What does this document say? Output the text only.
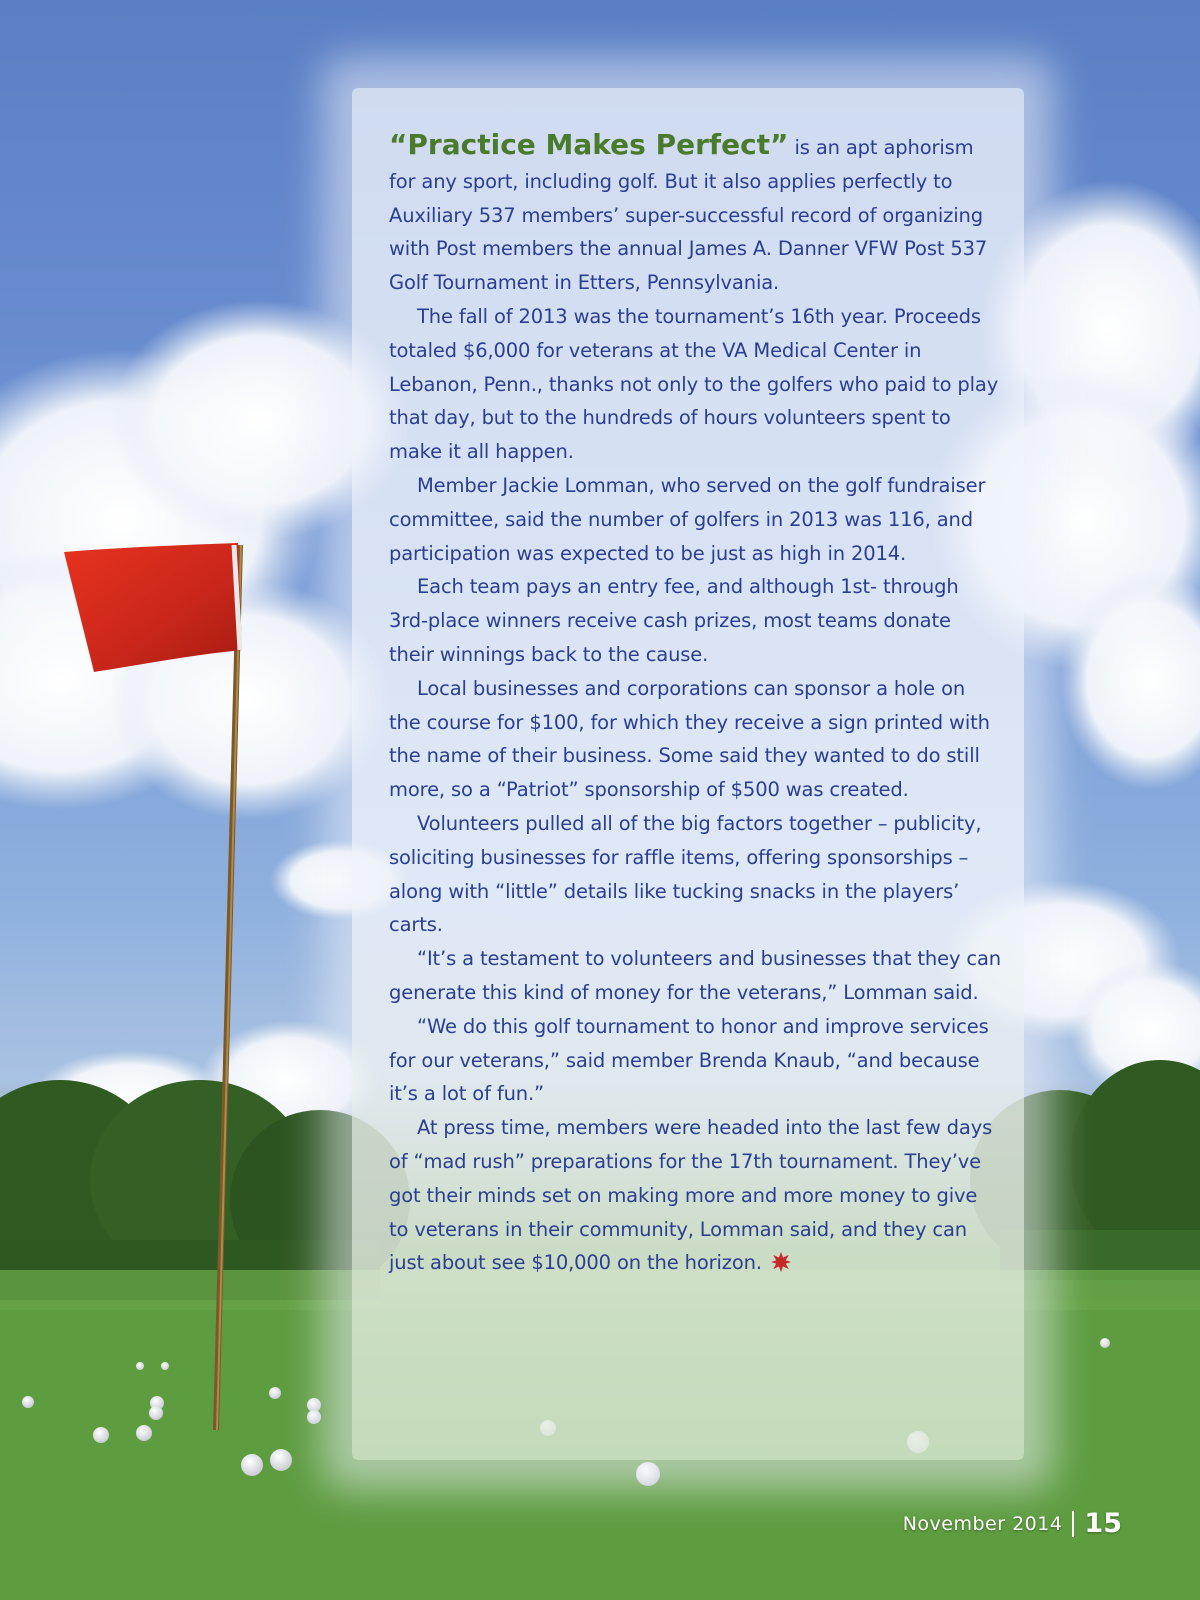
“Practice Makes Perfect” is an apt aphorism for any sport, including golf. But it also applies perfectly to Auxiliary 537 members’ super-successful record of organizing with Post members the annual James A. Danner VFW Post 537 Golf Tournament in Etters, Pennsylvania.

The fall of 2013 was the tournament’s 16th year. Proceeds totaled $6,000 for veterans at the VA Medical Center in Lebanon, Penn., thanks not only to the golfers who paid to play that day, but to the hundreds of hours volunteers spent to make it all happen.

Member Jackie Lomman, who served on the golf fundraiser committee, said the number of golfers in 2013 was 116, and participation was expected to be just as high in 2014.

Each team pays an entry fee, and although 1st- through 3rd-place winners receive cash prizes, most teams donate their winnings back to the cause.

Local businesses and corporations can sponsor a hole on the course for $100, for which they receive a sign printed with the name of their business. Some said they wanted to do still more, so a “Patriot” sponsorship of $500 was created.

Volunteers pulled all of the big factors together – publicity, soliciting businesses for raffle items, offering sponsorships – along with “little” details like tucking snacks in the players’ carts.

“It’s a testament to volunteers and businesses that they can generate this kind of money for the veterans,” Lomman said.

“We do this golf tournament to honor and improve services for our veterans,” said member Brenda Knaub, “and because it’s a lot of fun.”

At press time, members were headed into the last few days of “mad rush” preparations for the 17th tournament. They’ve got their minds set on making more and more money to give to veterans in their community, Lomman said, and they can just about see $10,000 on the horizon.

November 2014 15
